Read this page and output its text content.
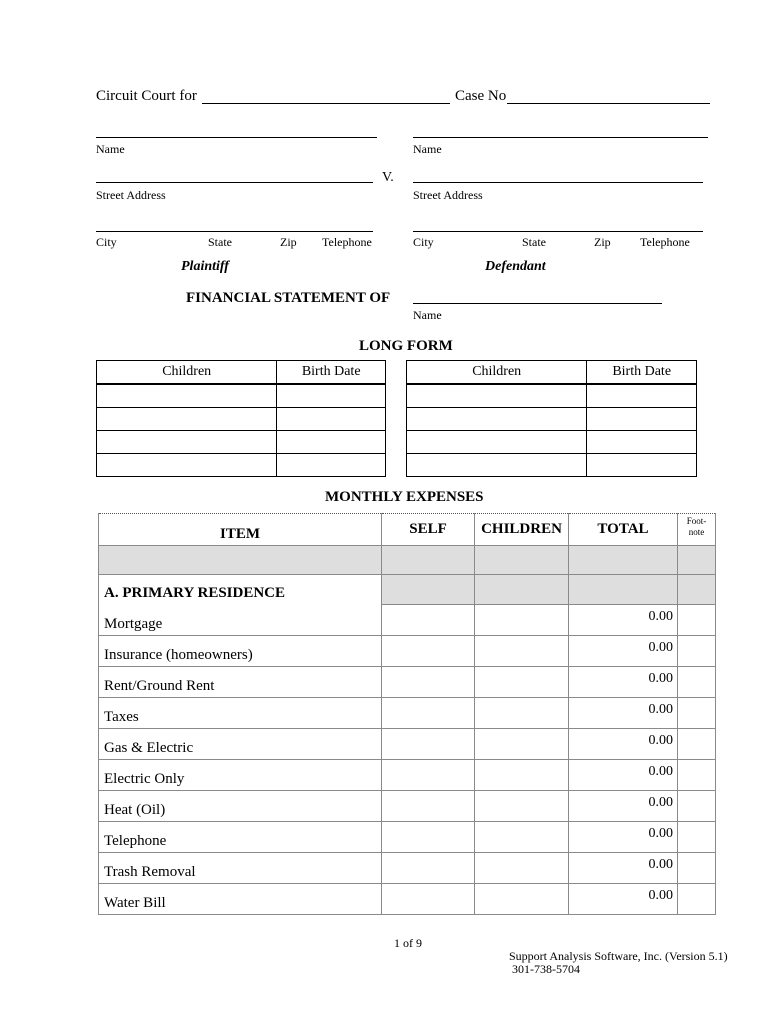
Circuit Court for	Case No
Name
V.
Street Address
City	State	Zip Telephone
Plaintiff
Name
Street Address
City	State	Zip Telephone
Defendant
FINANCIAL STATEMENT OF
Name
LONG FORM
Children	Birth Date

		Children	Birth Date

MONTHLY EXPENSES
ITEM	SELF	CHILDREN	TOTAL	Foot-
note

A. PRIMARY RESIDENCE				
Mortgage			0.00	
Insurance (homeowners)			0.00	
Rent/Ground Rent			0.00	
Taxes			0.00	
Gas & Electric			0.00	
Electric Only			0.00	
Heat (Oil)			0.00	
Telephone			0.00	
Trash Removal			0.00	
Water Bill			0.00	
1 of 9
Support Analysis Software, Inc. (Version 5.1)
301-738-5704
